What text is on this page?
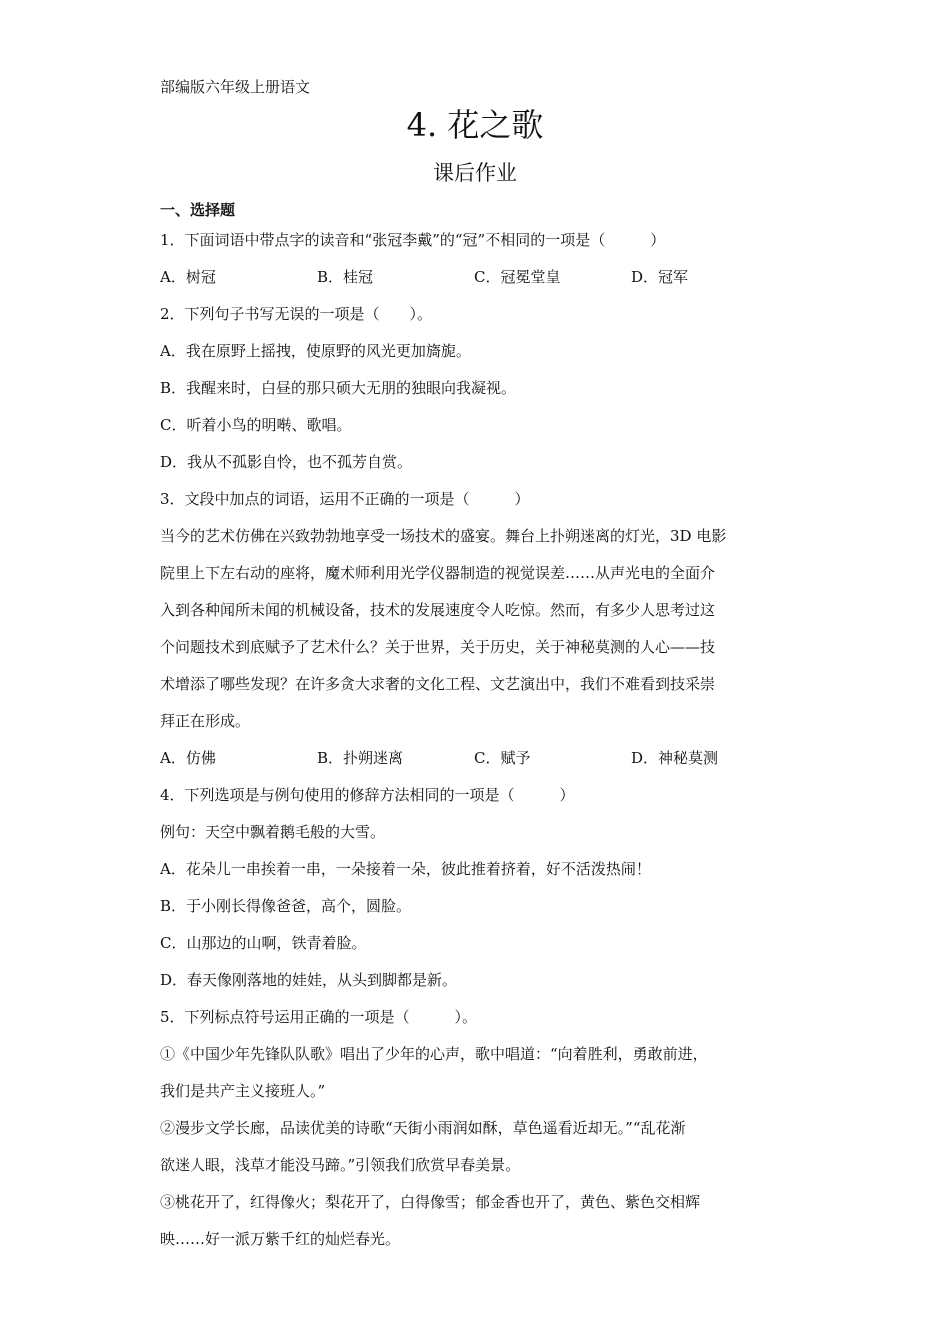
部编版六年级上册语文
4. 花之歌
课后作业
一、选择题
1．下面词语中带点字的读音和“张冠李戴”的“冠”不相同的一项是（　　　）
A．树冠	B．桂冠	C．冠冕堂皇	D．冠军
2．下列句子书写无误的一项是（　　）。
A．我在原野上摇拽，使原野的风光更加旖旎。
B．我醒来时，白昼的那只硕大无朋的独眼向我凝视。
C．听着小鸟的明啭、歌唱。
D．我从不孤影自怜，也不孤芳自赏。
3．文段中加点的词语，运用不正确的一项是（　　　）
当今的艺术仿佛在兴致勃勃地享受一场技术的盛宴。舞台上扑朔迷离的灯光，3D 电影
院里上下左右动的座将，魔术师利用光学仪器制造的视觉误差……从声光电的全面介
入到各种闻所未闻的机械设备，技术的发展速度令人吃惊。然而，有多少人思考过这
个问题技术到底赋予了艺术什么？关于世界，关于历史，关于神秘莫测的人心——技
术增添了哪些发现？在许多贪大求奢的文化工程、文艺演出中，我们不难看到技采崇
拜正在形成。
A．仿佛	B．扑朔迷离	C．赋予	D．神秘莫测
4．下列选项是与例句使用的修辞方法相同的一项是（　　　）
例句：天空中飘着鹅毛般的大雪。
A．花朵儿一串挨着一串，一朵接着一朵，彼此推着挤着，好不活泼热闹！
B．于小刚长得像爸爸，高个，圆脸。
C．山那边的山啊，铁青着脸。
D．春天像刚落地的娃娃，从头到脚都是新。
5．下列标点符号运用正确的一项是（　　　）。
①《中国少年先锋队队歌》唱出了少年的心声，歌中唱道：“向着胜利，勇敢前进，
我们是共产主义接班人。”
②漫步文学长廊，品读优美的诗歌“天街小雨润如酥，草色遥看近却无。”“乱花渐
欲迷人眼，浅草才能没马蹄。”引领我们欣赏早春美景。
③桃花开了，红得像火；梨花开了，白得像雪；郁金香也开了，黄色、紫色交相辉
映……好一派万紫千红的灿烂春光。
